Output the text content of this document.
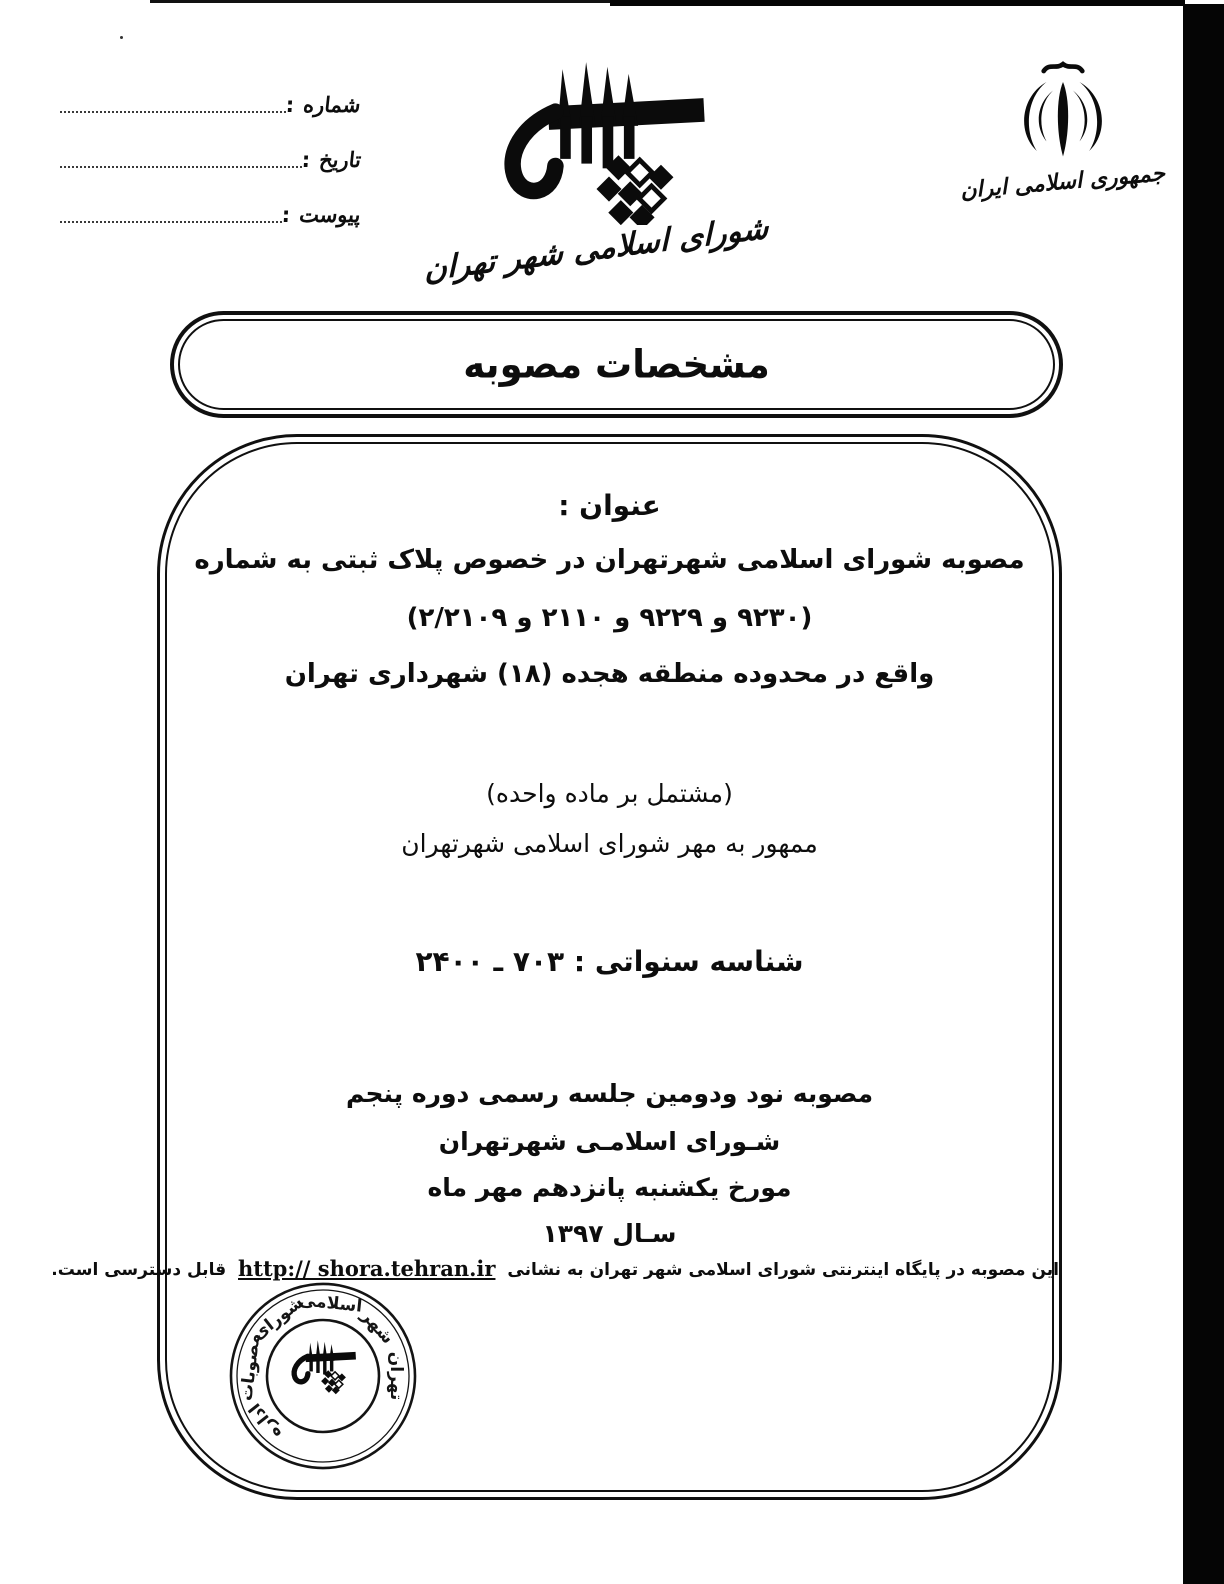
شماره :
تاریخ :
پیوست : شورای اسلامی شهر تهران

جمهوری اسلامی ایران
مشخصات مصوبه
عنوان :
مصوبه شورای اسلامی شهرتهران در خصوص پلاک ثبتی به شماره
(۹۲۳۰ و ۹۲۲۹ و ۲۱۱۰ و ۲/۲۱۰۹)
واقع در محدوده منطقه هجده (۱۸) شهرداری تهران
(مشتمل بر ماده واحده)
ممهور به مهر شورای اسلامی شهرتهران
شناسه سنواتی : ۷۰۳ ـ ۲۴۰۰
مصوبه نود ودومین جلسه رسمی دوره پنجم
شـورای اسلامـی شهرتهران
مورخ یکشنبه پانزدهم مهر ماه
سـال ۱۳۹۷
این مصوبه در پایگاه اینترنتی شورای اسلامی شهر تهران به نشانی http:// shora.tehran.ir قابل دسترسی است.
اداره
مصوبات
شورای
اسلامی
شهر
تهران
